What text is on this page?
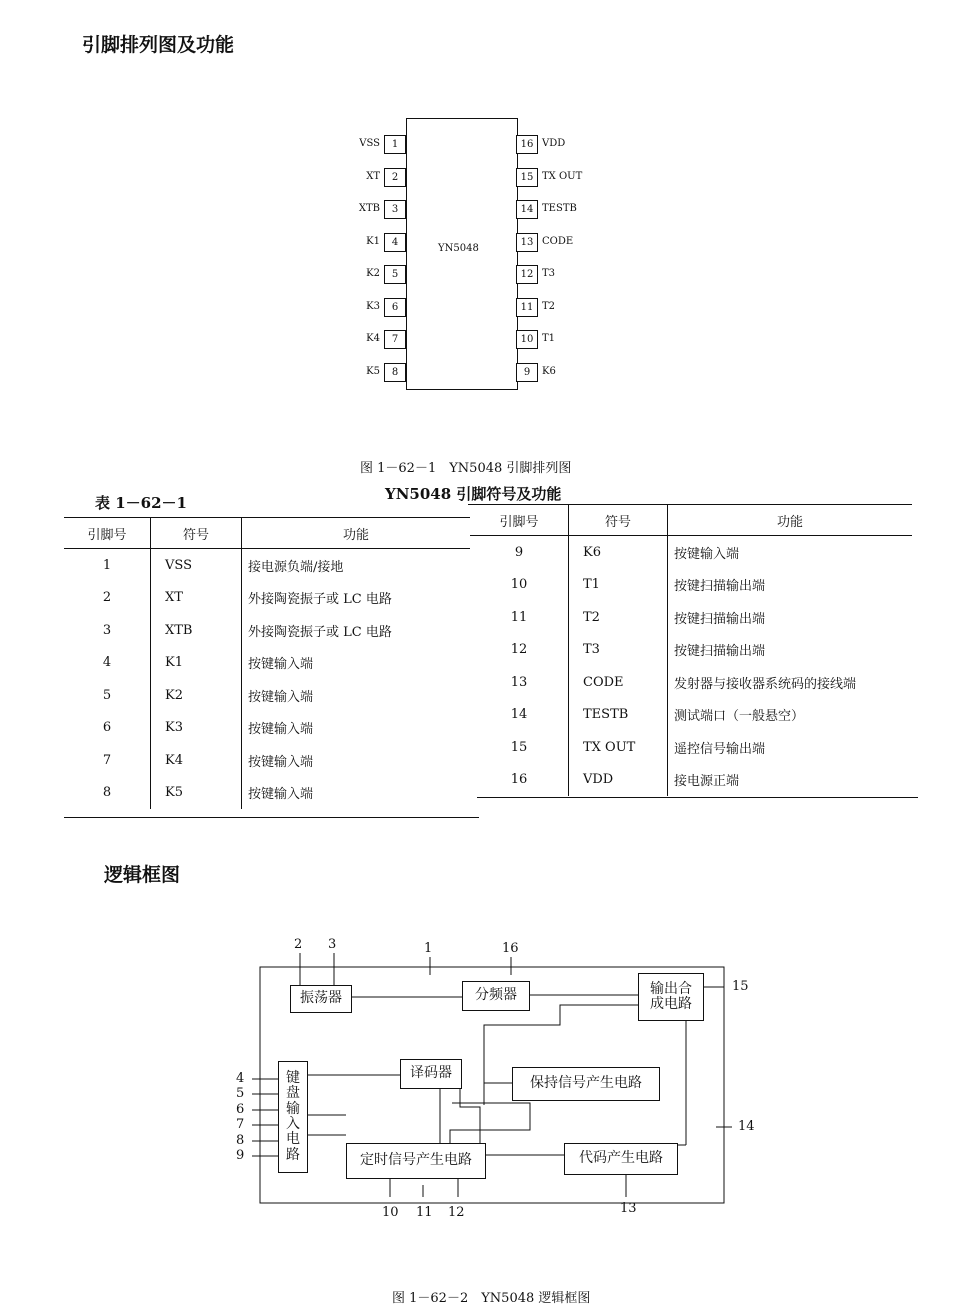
引脚排列图及功能
YN5048
1
VSS
2
XT
3
XTB
4
K1
5
K2
6
K3
7
K4
8
K5
16 VDD
15 TX OUT
14 TESTB
13 CODE
12 T3
11 T2
10 T1
9	K6
图 1－62－1　YN5048 引脚排列图
表 1－62－1	YN5048 引脚符号及功能
引脚号	符号	功能
1	VSS	接电源负端/接地
2	XT	外接陶瓷振子或 LC 电路
3	XTB	外接陶瓷振子或 LC 电路
4	K1	按键输入端
5	K2	按键输入端
6	K3	按键输入端
7	K4	按键输入端
8	K5	按键输入端
引脚号	符号	功能
9	K6	按键输入端
10	T1	按键扫描输出端
11	T2	按键扫描输出端
12	T3	按键扫描输出端
13	CODE	发射器与接收器系统码的接线端
14	TESTB	测试端口（一般悬空）
15	TX OUT	遥控信号输出端
16	VDD	接电源正端
逻辑框图
振荡器	分频器	输出合成电路
译码器
键盘输入电路
保持信号产生电路
定时信号产生电路	代码产生电路
2 3	1	16
15
14
4
5
6
7
8
9
10 11 12	13
图 1－62－2　YN5048 逻辑框图
